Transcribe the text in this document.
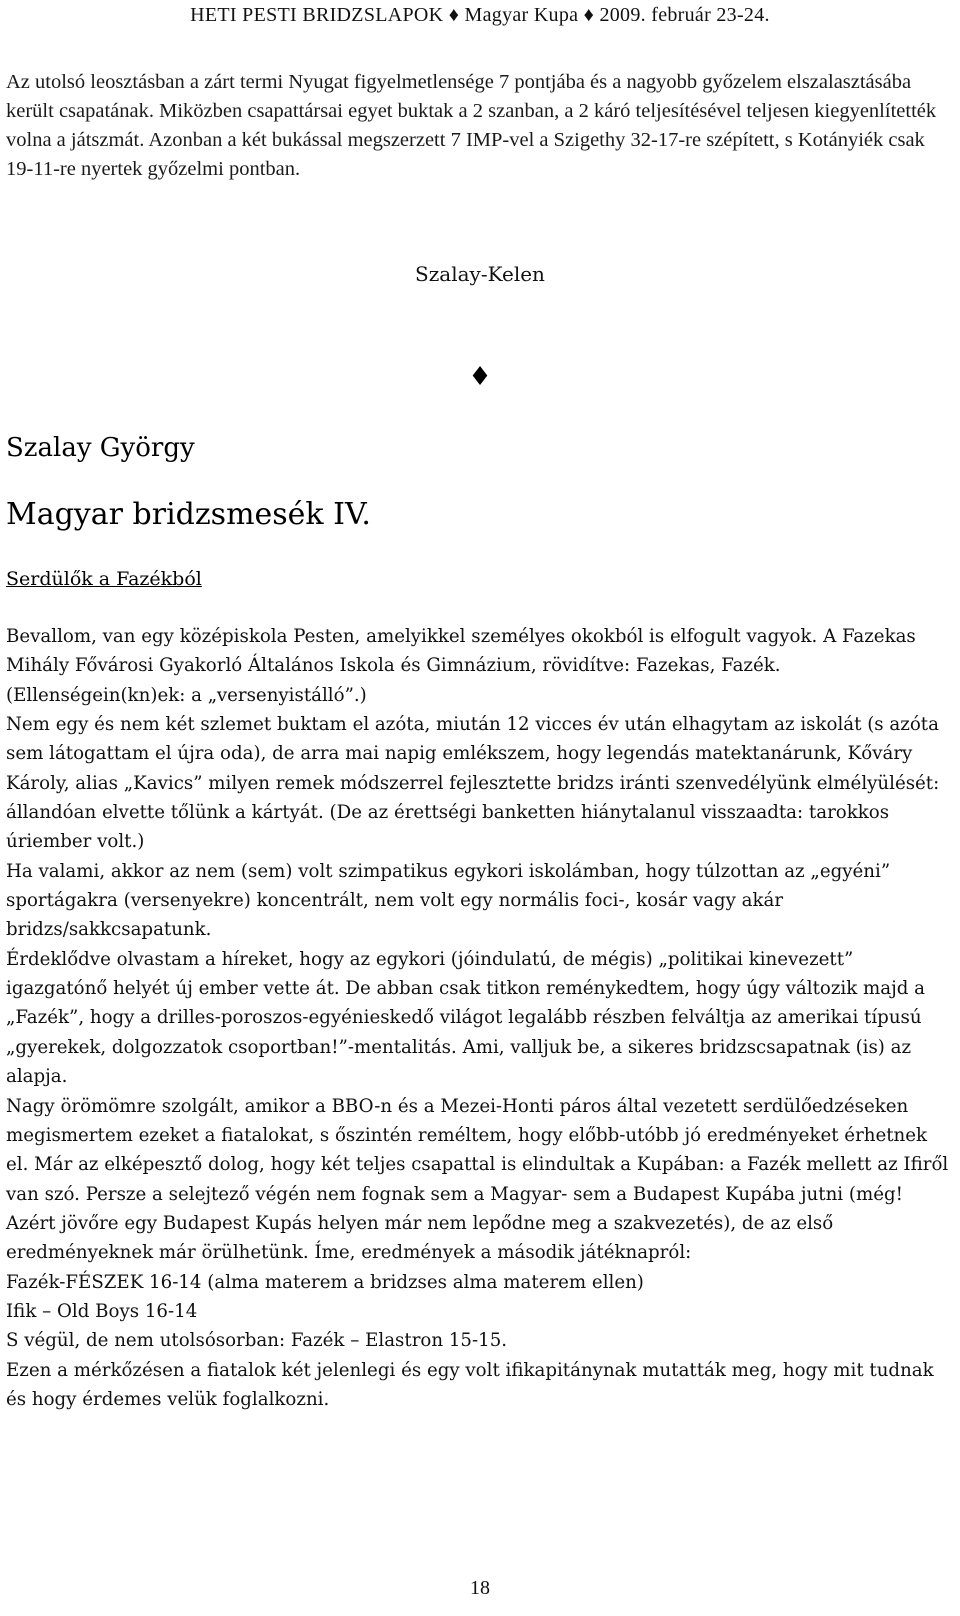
HETI PESTI BRIDZSLAPOK ♦ Magyar Kupa ♦ 2009. február 23-24.

Az utolsó leosztásban a zárt termi Nyugat figyelmetlensége 7 pontjába és a nagyobb győzelem elszalasztásába került csapatának. Miközben csapattársai egyet buktak a 2 szanban, a 2 káró teljesítésével teljesen kiegyenlítették volna a játszmát. Azonban a két bukással megszerzett 7 IMP-vel a Szigethy 32-17-re szépített, s Kotányiék csak 19-11-re nyertek győzelmi pontban.

Szalay-Kelen
♦
Szalay György
Magyar bridzsmesék IV.
Serdülők a Fazékból

Bevallom, van egy középiskola Pesten, amelyikkel személyes okokból is elfogult vagyok. A Fazekas Mihály Fővárosi Gyakorló Általános Iskola és Gimnázium, rövidítve: Fazekas, Fazék. (Ellenségein(kn)ek: a „versenyistálló”.)

Nem egy és nem két szlemet buktam el azóta, miután 12 vicces év után elhagytam az iskolát (s azóta sem látogattam el újra oda), de arra mai napig emlékszem, hogy legendás matektanárunk, Kőváry Károly, alias „Kavics” milyen remek módszerrel fejlesztette bridzs iránti szenvedélyünk elmélyülését: állandóan elvette tőlünk a kártyát. (De az érettségi banketten hiánytalanul visszaadta: tarokkos úriember volt.)

Ha valami, akkor az nem (sem) volt szimpatikus egykori iskolámban, hogy túlzottan az „egyéni” sportágakra (versenyekre) koncentrált, nem volt egy normális foci-, kosár vagy akár bridzs/sakkcsapatunk.

Érdeklődve olvastam a híreket, hogy az egykori (jóindulatú, de mégis) „politikai kinevezett” igazgatónő helyét új ember vette át. De abban csak titkon reménykedtem, hogy úgy változik majd a „Fazék”, hogy a drilles-poroszos-egyénieskedő világot legalább részben felváltja az amerikai típusú „gyerekek, dolgozzatok csoportban!”-mentalitás. Ami, valljuk be, a sikeres bridzscsapatnak (is) az alapja.

Nagy örömömre szolgált, amikor a BBO-n és a Mezei-Honti páros által vezetett serdülőedzéseken megismertem ezeket a fiatalokat, s őszintén reméltem, hogy előbb-utóbb jó eredményeket érhetnek el. Már az elképesztő dolog, hogy két teljes csapattal is elindultak a Kupában: a Fazék mellett az Ifiről van szó. Persze a selejtező végén nem fognak sem a Magyar- sem a Budapest Kupába jutni (még! Azért jövőre egy Budapest Kupás helyen már nem lepődne meg a szakvezetés), de az első eredményeknek már örülhetünk. Íme, eredmények a második játéknapról:

Fazék-FÉSZEK 16-14 (alma materem a bridzses alma materem ellen)

Ifik – Old Boys 16-14

S végül, de nem utolsósorban: Fazék – Elastron 15-15.

Ezen a mérkőzésen a fiatalok két jelenlegi és egy volt ifikapitánynak mutatták meg, hogy mit tudnak és hogy érdemes velük foglalkozni.

18
